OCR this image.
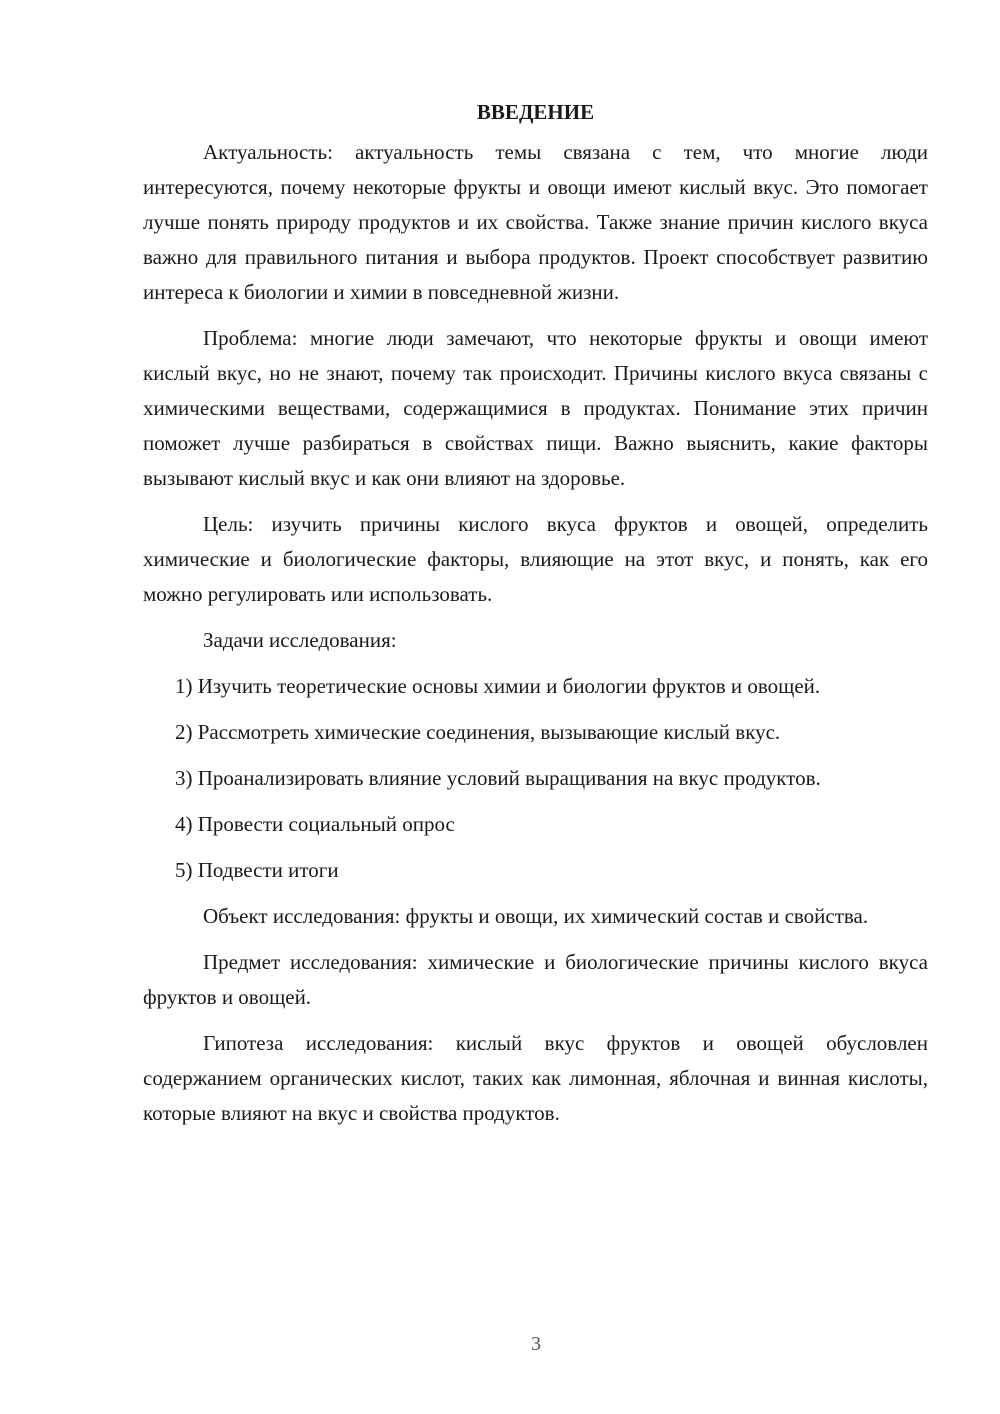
ВВЕДЕНИЕ

Актуальность: актуальность темы связана с тем, что многие люди интересуются, почему некоторые фрукты и овощи имеют кислый вкус. Это помогает лучше понять природу продуктов и их свойства. Также знание причин кислого вкуса важно для правильного питания и выбора продуктов. Проект способствует развитию интереса к биологии и химии в повседневной жизни.

Проблема: многие люди замечают, что некоторые фрукты и овощи имеют кислый вкус, но не знают, почему так происходит. Причины кислого вкуса связаны с химическими веществами, содержащимися в продуктах. Понимание этих причин поможет лучше разбираться в свойствах пищи. Важно выяснить, какие факторы вызывают кислый вкус и как они влияют на здоровье.

Цель: изучить причины кислого вкуса фруктов и овощей, определить химические и биологические факторы, влияющие на этот вкус, и понять, как его можно регулировать или использовать.

Задачи исследования:

1) Изучить теоретические основы химии и биологии фруктов и овощей.

2) Рассмотреть химические соединения, вызывающие кислый вкус.

3) Проанализировать влияние условий выращивания на вкус продуктов.

4) Провести социальный опрос

5) Подвести итоги

Объект исследования: фрукты и овощи, их химический состав и свойства.

Предмет исследования: химические и биологические причины кислого вкуса фруктов и овощей.

Гипотеза исследования: кислый вкус фруктов и овощей обусловлен содержанием органических кислот, таких как лимонная, яблочная и винная кислоты, которые влияют на вкус и свойства продуктов.

3
